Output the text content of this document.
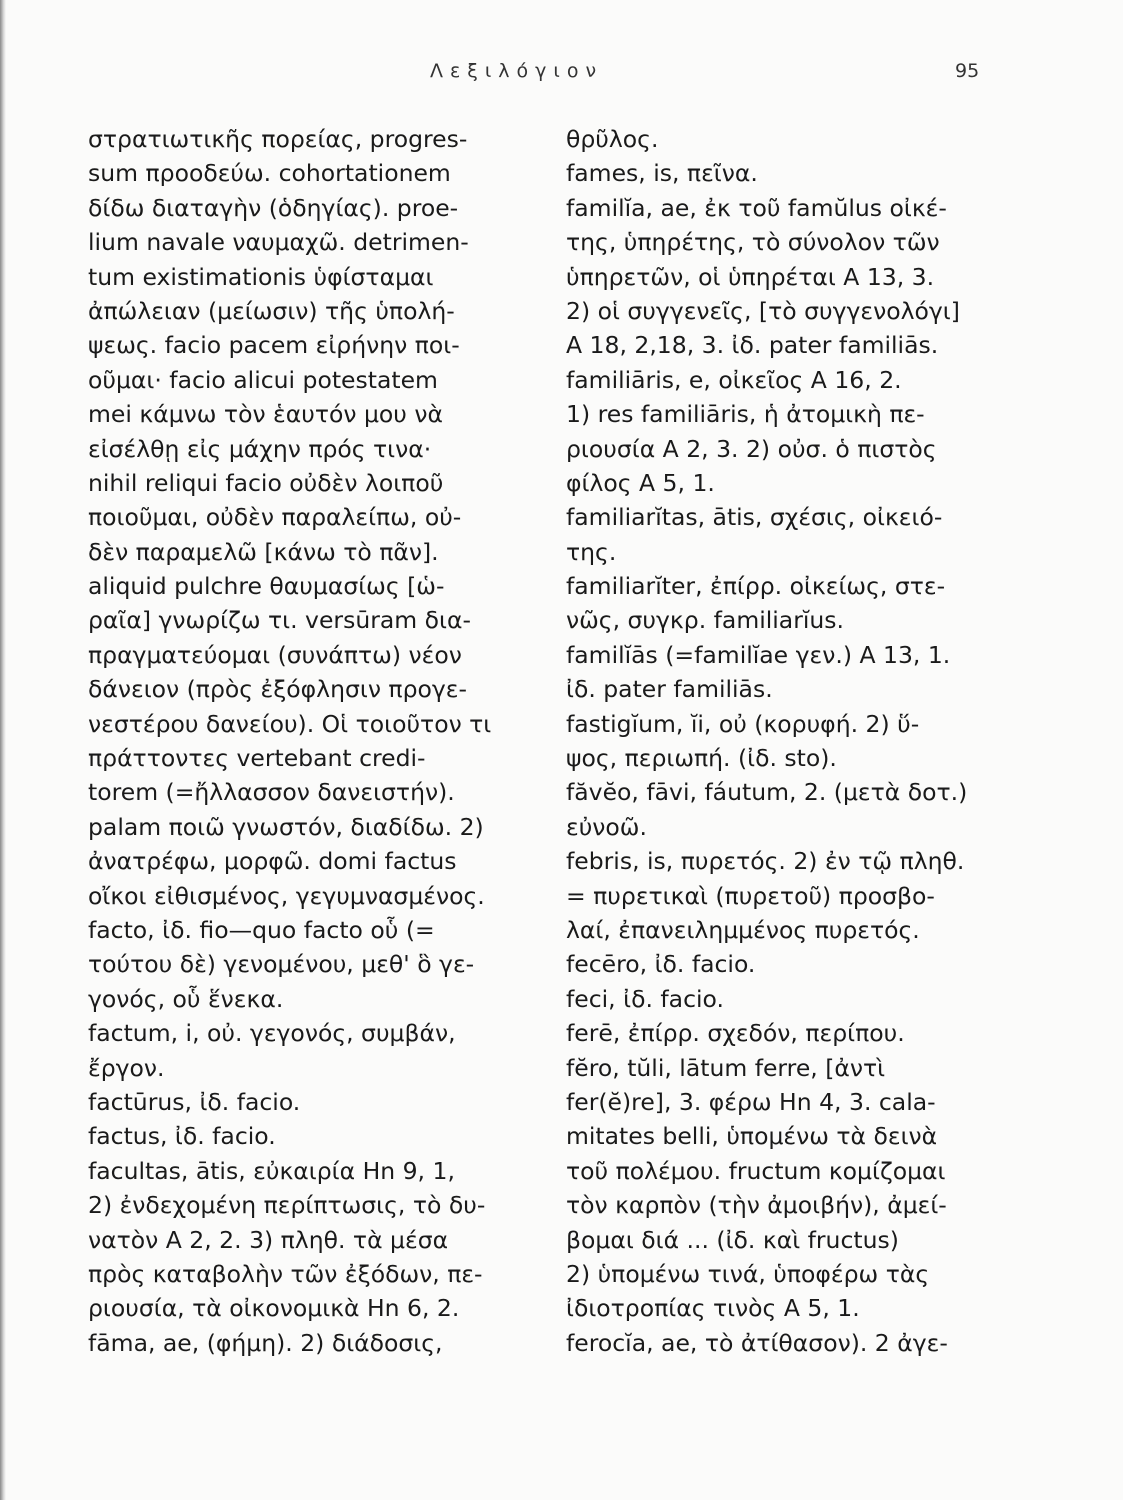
Λεξιλόγιον	95
στρατιωτικῆς πορείας, progres-
sum προοδεύω. cohortationem
δίδω διαταγὴν (ὁδηγίας). proe-
lium navale ναυμαχῶ. detrimen-
tum existimationis ὑφίσταμαι
ἀπώλειαν (μείωσιν) τῆς ὑπολή-
ψεως. facio pacem εἰρήνην ποι-
οῦμαι· facio alicui potestatem
mei κάμνω τὸν ἑαυτόν μου νὰ
εἰσέλθῃ εἰς μάχην πρός τινα·
nihil reliqui facio οὐδὲν λοιποῦ
ποιοῦμαι, οὐδὲν παραλείπω, οὐ-
δὲν παραμελῶ [κάνω τὸ πᾶν].
aliquid pulchre θαυμασίως [ὡ-
ραῖα] γνωρίζω τι. versūram δια-
πραγματεύομαι (συνάπτω) νέον
δάνειον (πρὸς ἐξόφλησιν προγε-
νεστέρου δανείου). Οἱ τοιοῦτον τι
πράττοντες vertebant credi-
torem (=ἤλλασσον δανειστήν).
palam ποιῶ γνωστόν, διαδίδω. 2)
ἀνατρέφω, μορφῶ. domi factus
οἴκοι εἰθισμένος, γεγυμνασμένος.
facto, ἰδ. fio—quo facto οὗ (=
τούτου δὲ) γενομένου, μεθ' ὃ γε-
γονός, οὗ ἕνεκα.
factum, i, οὐ. γεγονός, συμβάν,
ἔργον.
factūrus, ἰδ. facio.
factus, ἰδ. facio.
facultas, ātis, εὐκαιρία Hn 9, 1,
2) ἐνδεχομένη περίπτωσις, τὸ δυ-
νατὸν A 2, 2. 3) πληθ. τὰ μέσα
πρὸς καταβολὴν τῶν ἐξόδων, πε-
ριουσία, τὰ οἰκονομικὰ Hn 6, 2.
fāma, ae, (φήμη). 2) διάδοσις,
θρῦλος.
fames, is, πεῖνα.
familĭa, ae, ἐκ τοῦ famŭlus οἰκέ-
της, ὑπηρέτης, τὸ σύνολον τῶν
ὑπηρετῶν, οἱ ὑπηρέται A 13, 3.
2) οἱ συγγενεῖς, [τὸ συγγενολόγι]
A 18, 2,18, 3. ἰδ. pater familiās.
familiāris, e, οἰκεῖος A 16, 2.
1) res familiāris, ἡ ἀτομικὴ πε-
ριουσία A 2, 3. 2) οὐσ. ὁ πιστὸς
φίλος A 5, 1.
familiarĭtas, ātis, σχέσις, οἰκειό-
της.
familiarĭter, ἐπίρρ. οἰκείως, στε-
νῶς, συγκρ. familiarĭus.
familĭās (=familĭae γεν.) A 13, 1.
ἰδ. pater familiās.
fastigĭum, ĭi, οὐ (κορυφή. 2) ὕ-
ψος, περιωπή. (ἰδ. sto).
făvĕo, fāvi, fáutum, 2. (μετὰ δοτ.)
εὐνοῶ.
febris, is, πυρετός. 2) ἐν τῷ πληθ.
= πυρετικαὶ (πυρετοῦ) προσβο-
λαί, ἐπανειλημμένος πυρετός.
fecēro, ἰδ. facio.
feci, ἰδ. facio.
ferē, ἐπίρρ. σχεδόν, περίπου.
fĕro, tŭli, lātum ferre, [ἀντὶ
fer(ĕ)re], 3. φέρω Hn 4, 3. cala-
mitates belli, ὑπομένω τὰ δεινὰ
τοῦ πολέμου. fructum κομίζομαι
τὸν καρπὸν (τὴν ἀμοιβήν), ἀμεί-
βομαι διά ... (ἰδ. καὶ fructus)
2) ὑπομένω τινά, ὑποφέρω τὰς
ἰδιοτροπίας τινὸς A 5, 1.
ferocĭa, ae, τὸ ἀτίθασον). 2 ἀγε-
